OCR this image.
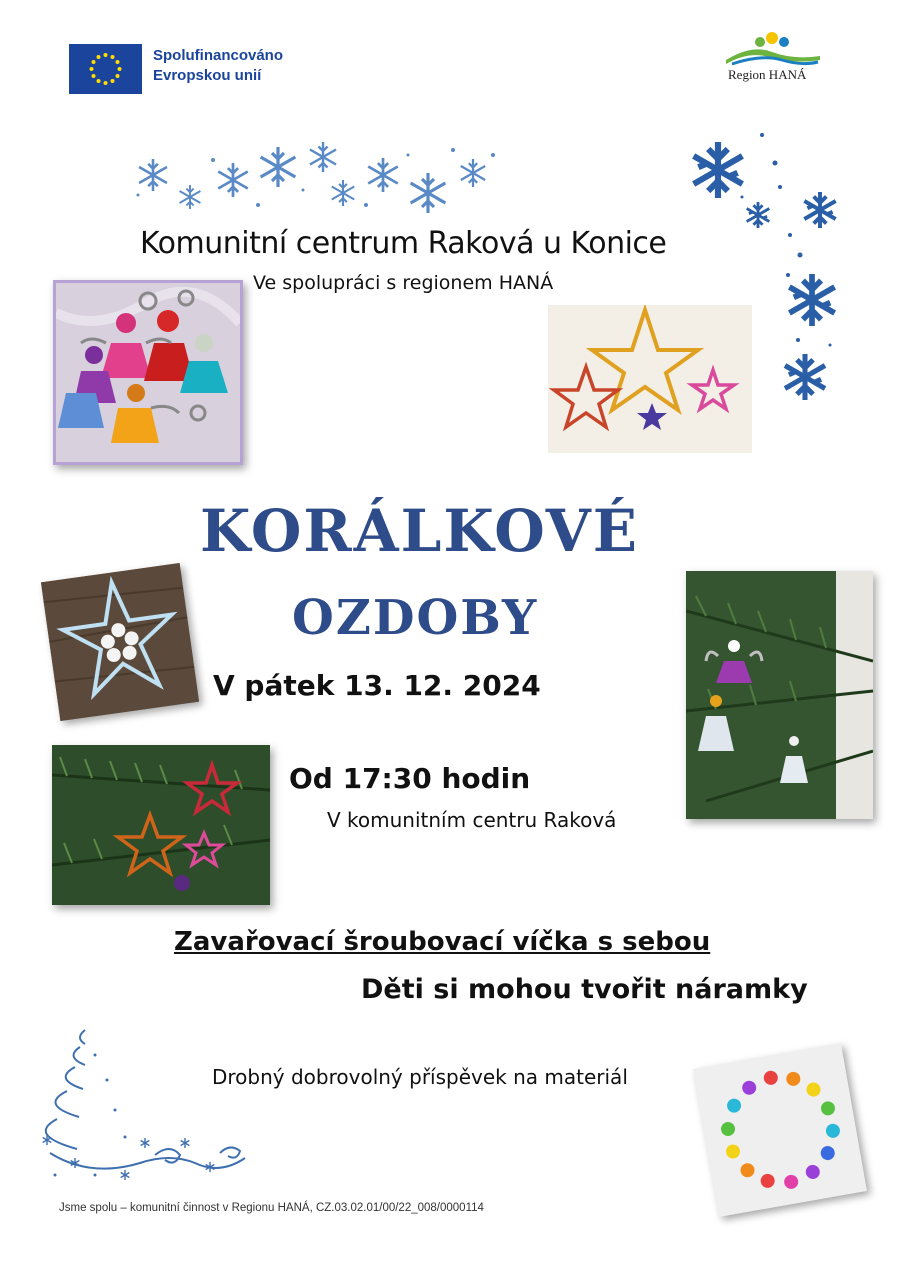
Spolufinancováno
Evropskou unií	Region HANÁ
Komunitní centrum Raková u Konice
Ve spolupráci s regionem HANÁ
KORÁLKOVÉ
OZDOBY
V pátek 13. 12. 2024
Od 17:30 hodin
V komunitním centru Raková
Zavařovací šroubovací víčka s sebou
Děti si mohou tvořit náramky
Drobný dobrovolný příspěvek na materiál
Jsme spolu – komunitní činnost v Regionu HANÁ, CZ.03.02.01/00/22_008/0000114
